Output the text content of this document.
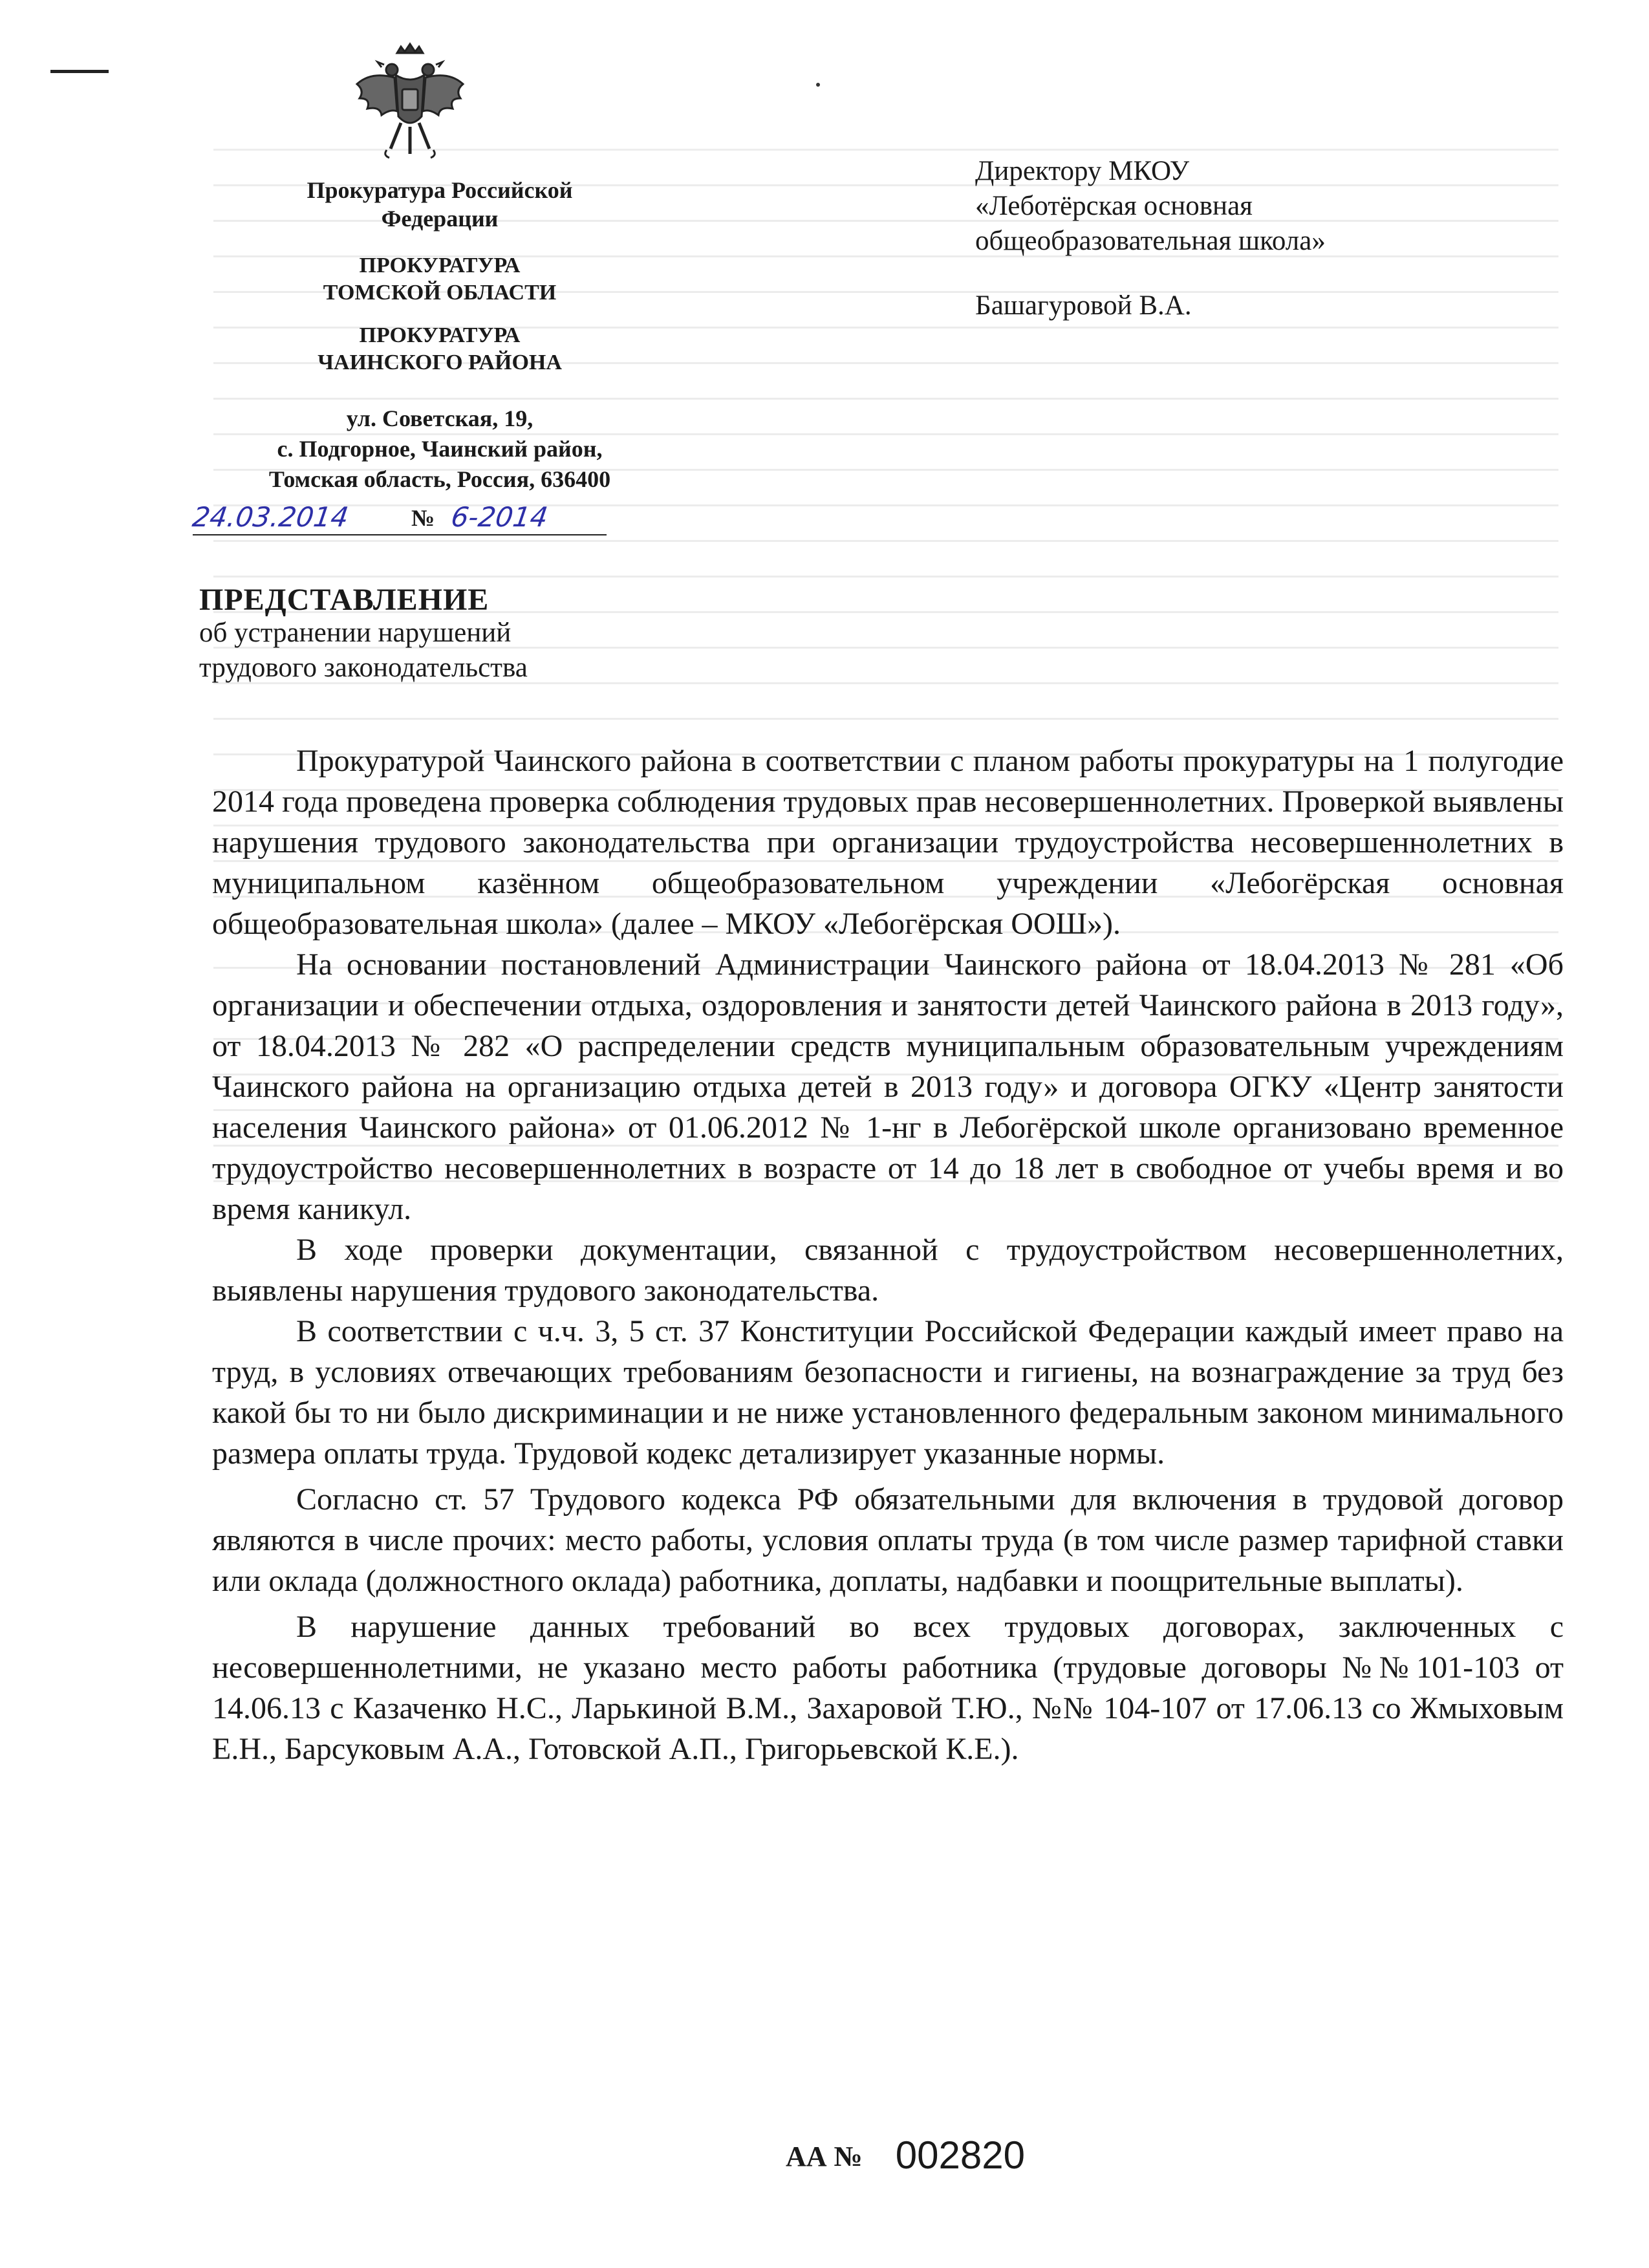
Прокуратура Российской
Федерации
ПРОКУРАТУРА
ТОМСКОЙ ОБЛАСТИ
ПРОКУРАТУРА
ЧАИНСКОГО РАЙОНА
ул. Советская, 19,
с. Подгорное, Чаинский район,
Томская область, Россия, 636400
24.03.2014	№ 6-2014
Директору МКОУ
«Леботёрская основная
общеобразовательная школа»
Башагуровой В.А.
ПРЕДСТАВЛЕНИЕ
об устранении нарушений
трудового законодательства

Прокуратурой Чаинского района в соответствии с планом работы прокуратуры на 1 полугодие 2014 года проведена проверка соблюдения трудовых прав несовершеннолетних. Проверкой выявлены нарушения трудового законодательства при организации трудоустройства несовершеннолетних в муниципальном казённом общеобразовательном учреждении «Лебогёрская основная общеобразовательная школа» (далее – МКОУ «Лебогёрская ООШ»).

На основании постановлений Администрации Чаинского района от 18.04.2013 № 281 «Об организации и обеспечении отдыха, оздоровления и занятости детей Чаинского района в 2013 году», от 18.04.2013 № 282 «О распределении средств муниципальным образовательным учреждениям Чаинского района на организацию отдыха детей в 2013 году» и договора ОГКУ «Центр занятости населения Чаинского района» от 01.06.2012 № 1-нг в Лебогёрской школе организовано временное трудоустройство несовершеннолетних в возрасте от 14 до 18 лет в свободное от учебы время и во время каникул.

В ходе проверки документации, связанной с трудоустройством несовершеннолетних, выявлены нарушения трудового законодательства.

В соответствии с ч.ч. 3, 5 ст. 37 Конституции Российской Федерации каждый имеет право на труд, в условиях отвечающих требованиям безопасности и гигиены, на вознаграждение за труд без какой бы то ни было дискриминации и не ниже установленного федеральным законом минимального размера оплаты труда. Трудовой кодекс детализирует указанные нормы.

Согласно ст. 57 Трудового кодекса РФ обязательными для включения в трудовой договор являются в числе прочих: место работы, условия оплаты труда (в том числе размер тарифной ставки или оклада (должностного оклада) работника, доплаты, надбавки и поощрительные выплаты).

В нарушение данных требований во всех трудовых договорах, заключенных с несовершеннолетними, не указано место работы работника (трудовые договоры №№101-103 от 14.06.13 с Казаченко Н.С., Ларькиной В.М., Захаровой Т.Ю., №№ 104-107 от 17.06.13 со Жмыховым Е.Н., Барсуковым А.А., Готовской А.П., Григорьевской К.Е.).

АА № 002820
